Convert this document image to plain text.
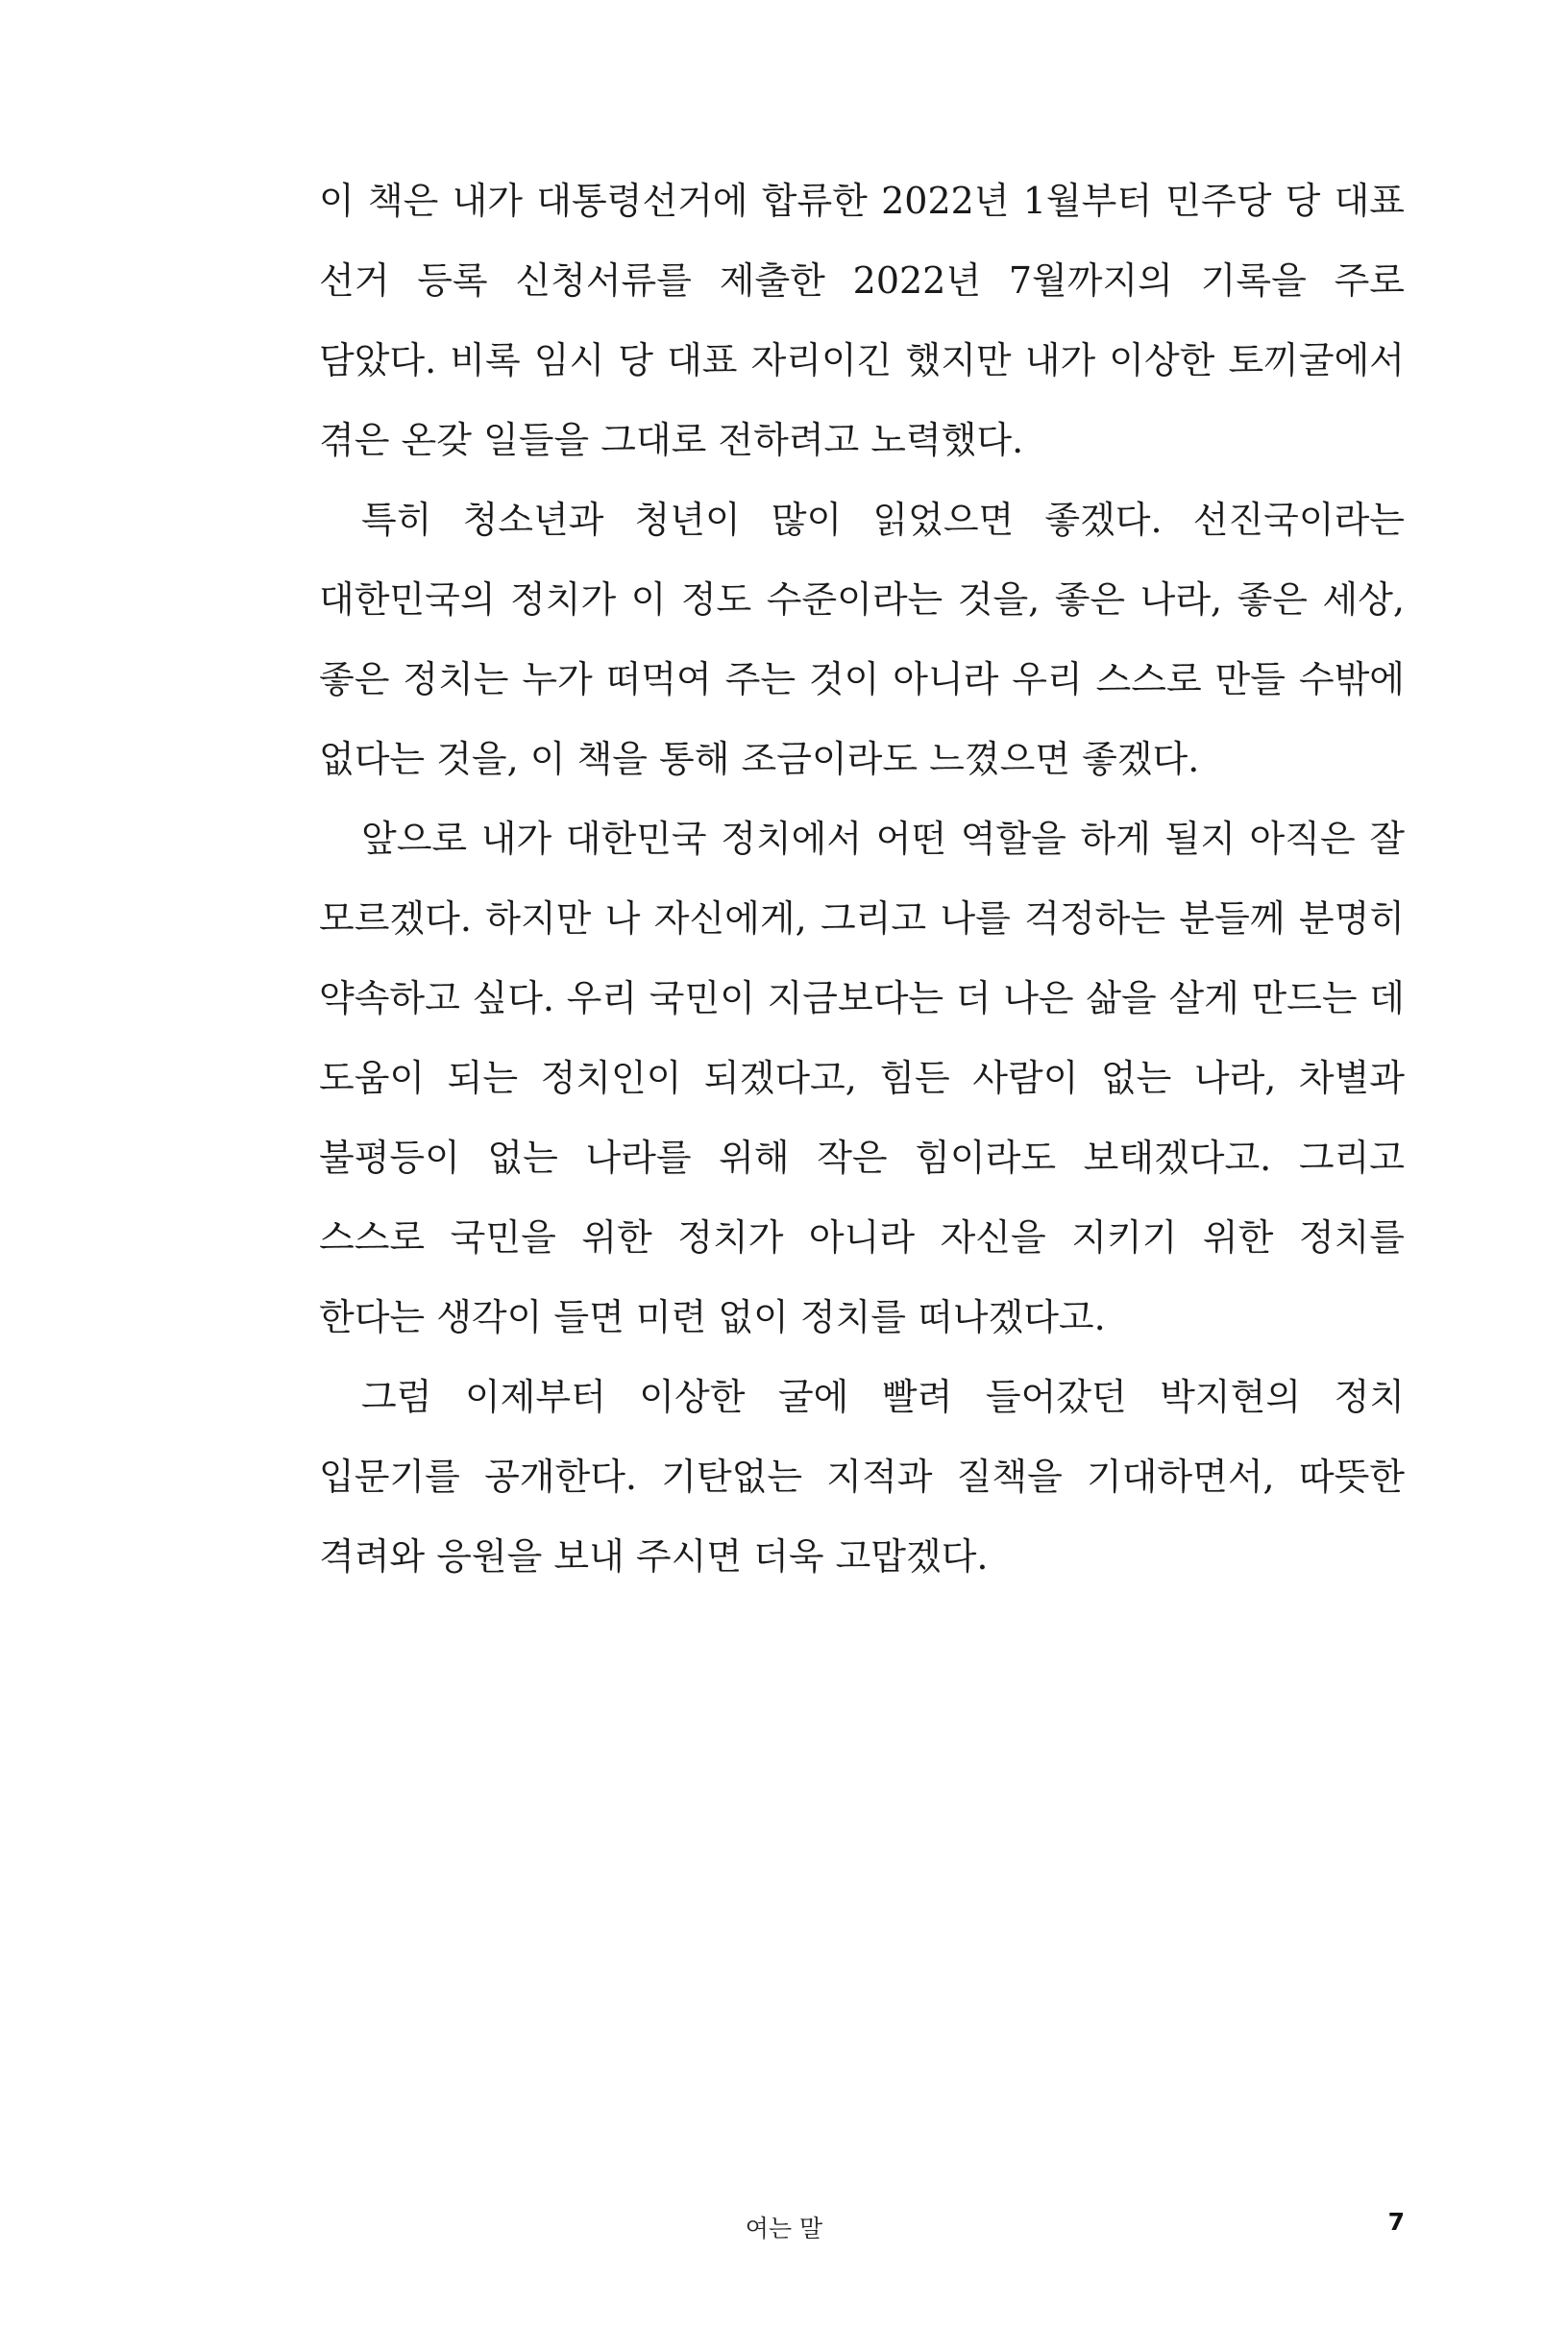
이 책은 내가 대통령선거에 합류한 2022년 1월부터 민주당 당 대표 선거 등록 신청서류를 제출한 2022년 7월까지의 기록을 주로 담았다. 비록 임시 당 대표 자리이긴 했지만 내가 이상한 토끼굴에서 겪은 온갖 일들을 그대로 전하려고 노력했다.

특히 청소년과 청년이 많이 읽었으면 좋겠다. 선진국이라는 대한민국의 정치가 이 정도 수준이라는 것을, 좋은 나라, 좋은 세상, 좋은 정치는 누가 떠먹여 주는 것이 아니라 우리 스스로 만들 수밖에 없다는 것을, 이 책을 통해 조금이라도 느꼈으면 좋겠다.

앞으로 내가 대한민국 정치에서 어떤 역할을 하게 될지 아직은 잘 모르겠다. 하지만 나 자신에게, 그리고 나를 걱정하는 분들께 분명히 약속하고 싶다. 우리 국민이 지금보다는 더 나은 삶을 살게 만드는 데 도움이 되는 정치인이 되겠다고, 힘든 사람이 없는 나라, 차별과 불평등이 없는 나라를 위해 작은 힘이라도 보태겠다고. 그리고 스스로 국민을 위한 정치가 아니라 자신을 지키기 위한 정치를 한다는 생각이 들면 미련 없이 정치를 떠나겠다고.

그럼 이제부터 이상한 굴에 빨려 들어갔던 박지현의 정치 입문기를 공개한다. 기탄없는 지적과 질책을 기대하면서, 따뜻한 격려와 응원을 보내 주시면 더욱 고맙겠다.

여는 말	7
